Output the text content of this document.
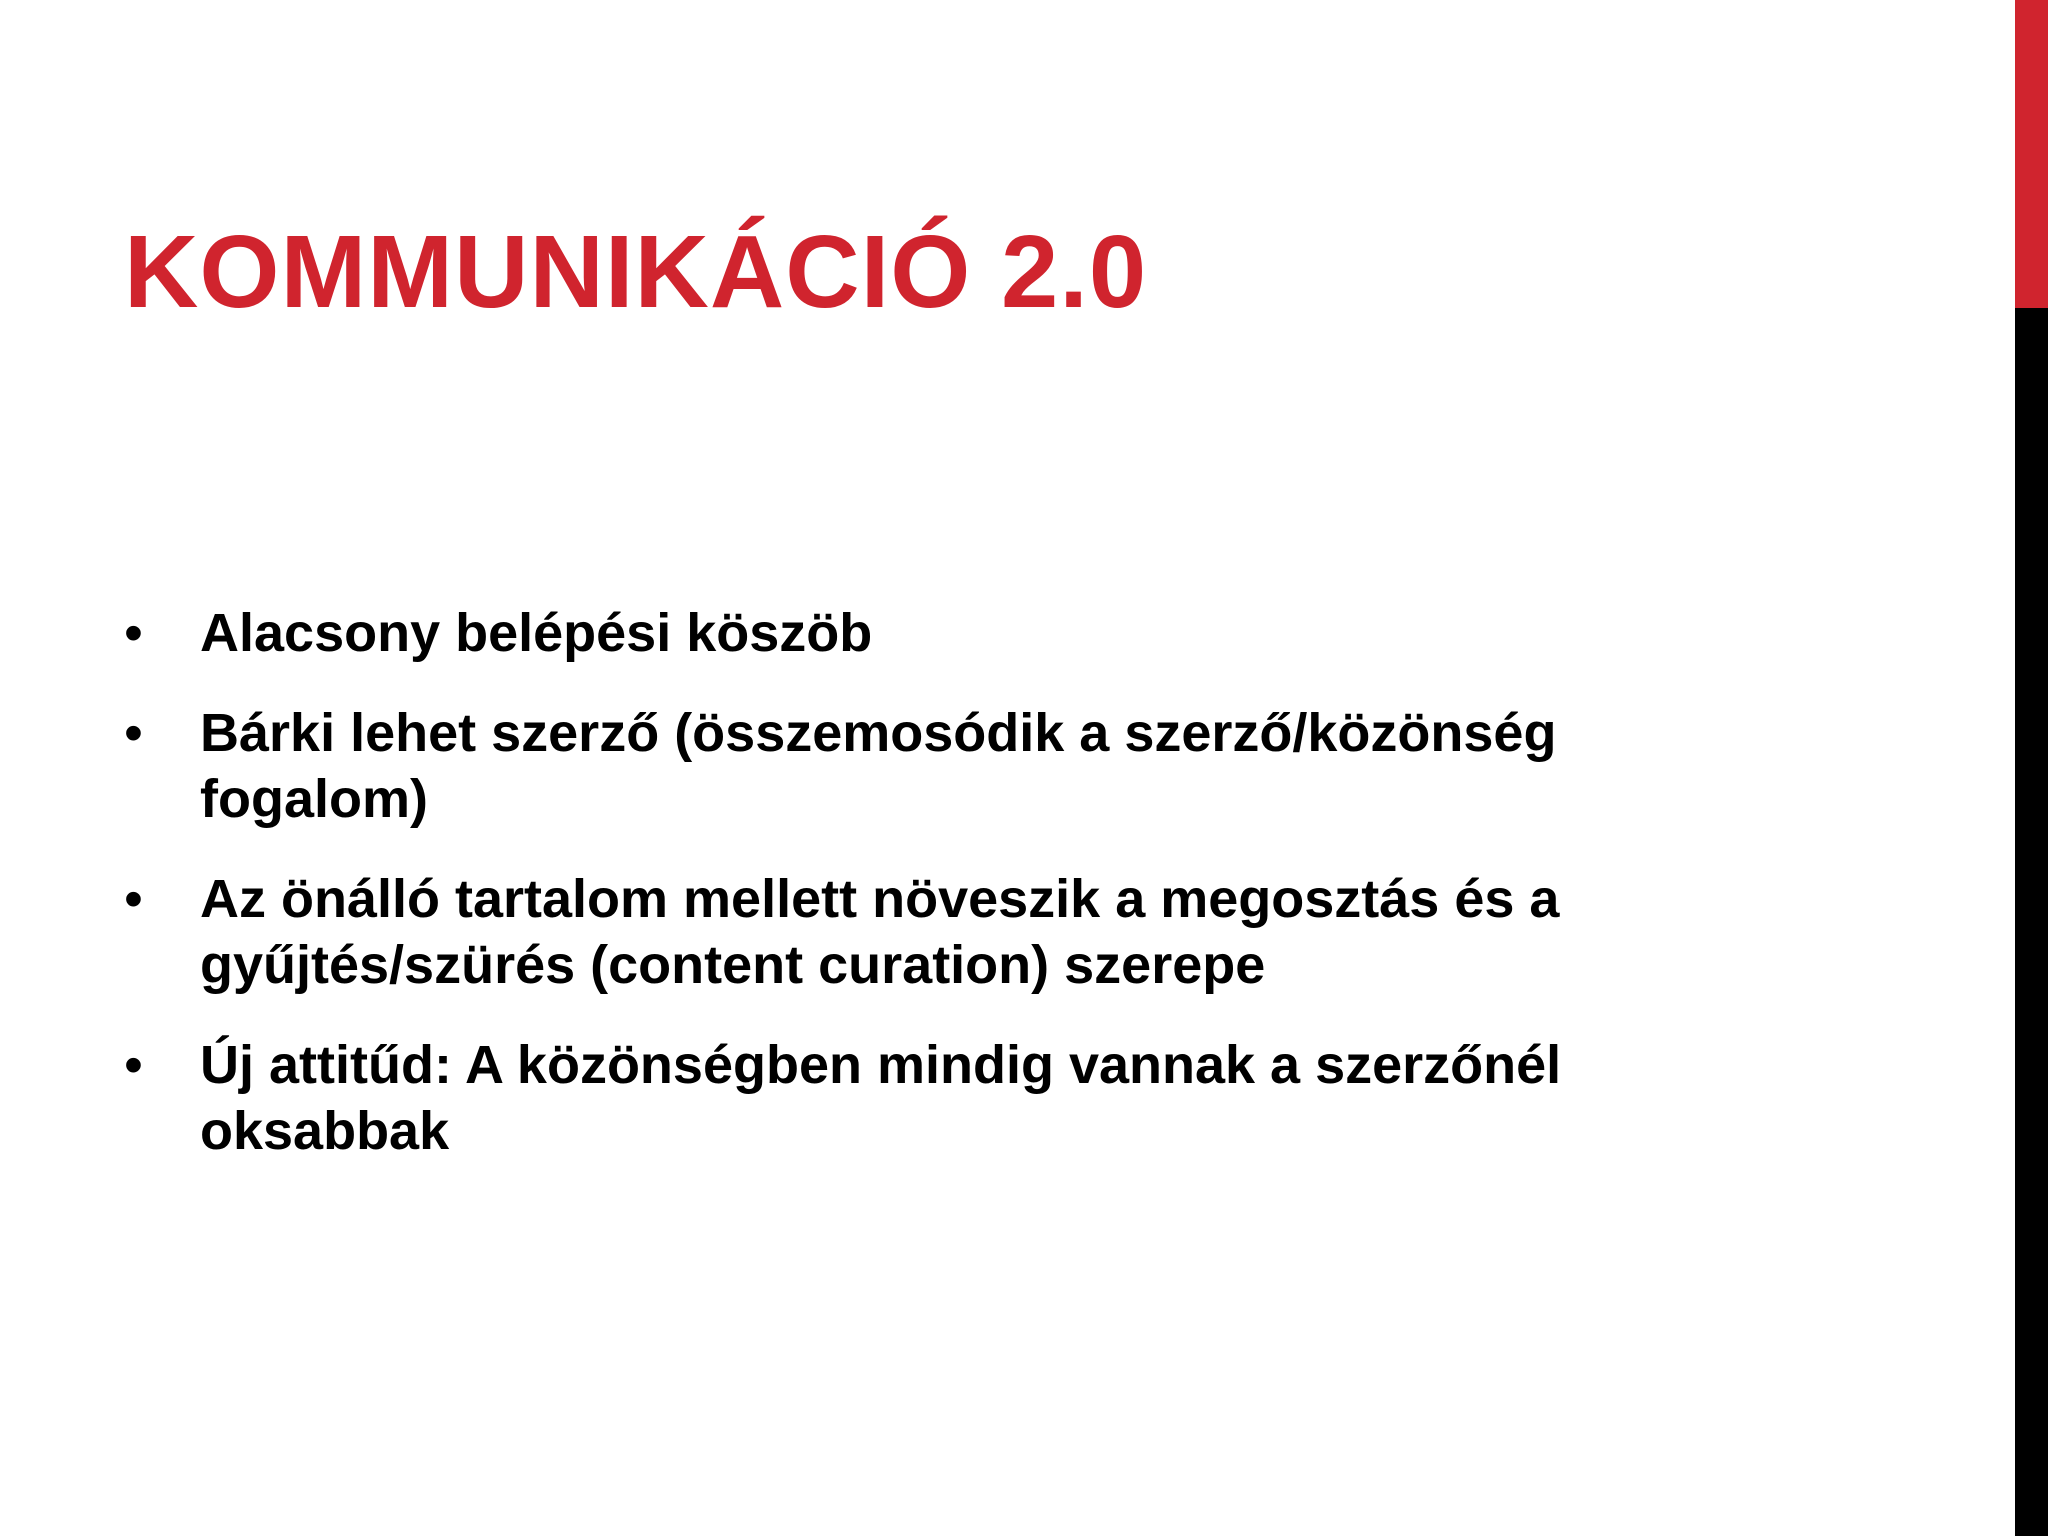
KOMMUNIKÁCIÓ 2.0
•	Alacsony belépési köszöb
•	Bárki lehet szerző (összemosódik a szerző/közönség fogalom)
•	Az önálló tartalom mellett növeszik a megosztás és a gyűjtés/szürés (content curation) szerepe
•	Új attitűd: A közönségben mindig vannak a szerzőnél oksabbak
